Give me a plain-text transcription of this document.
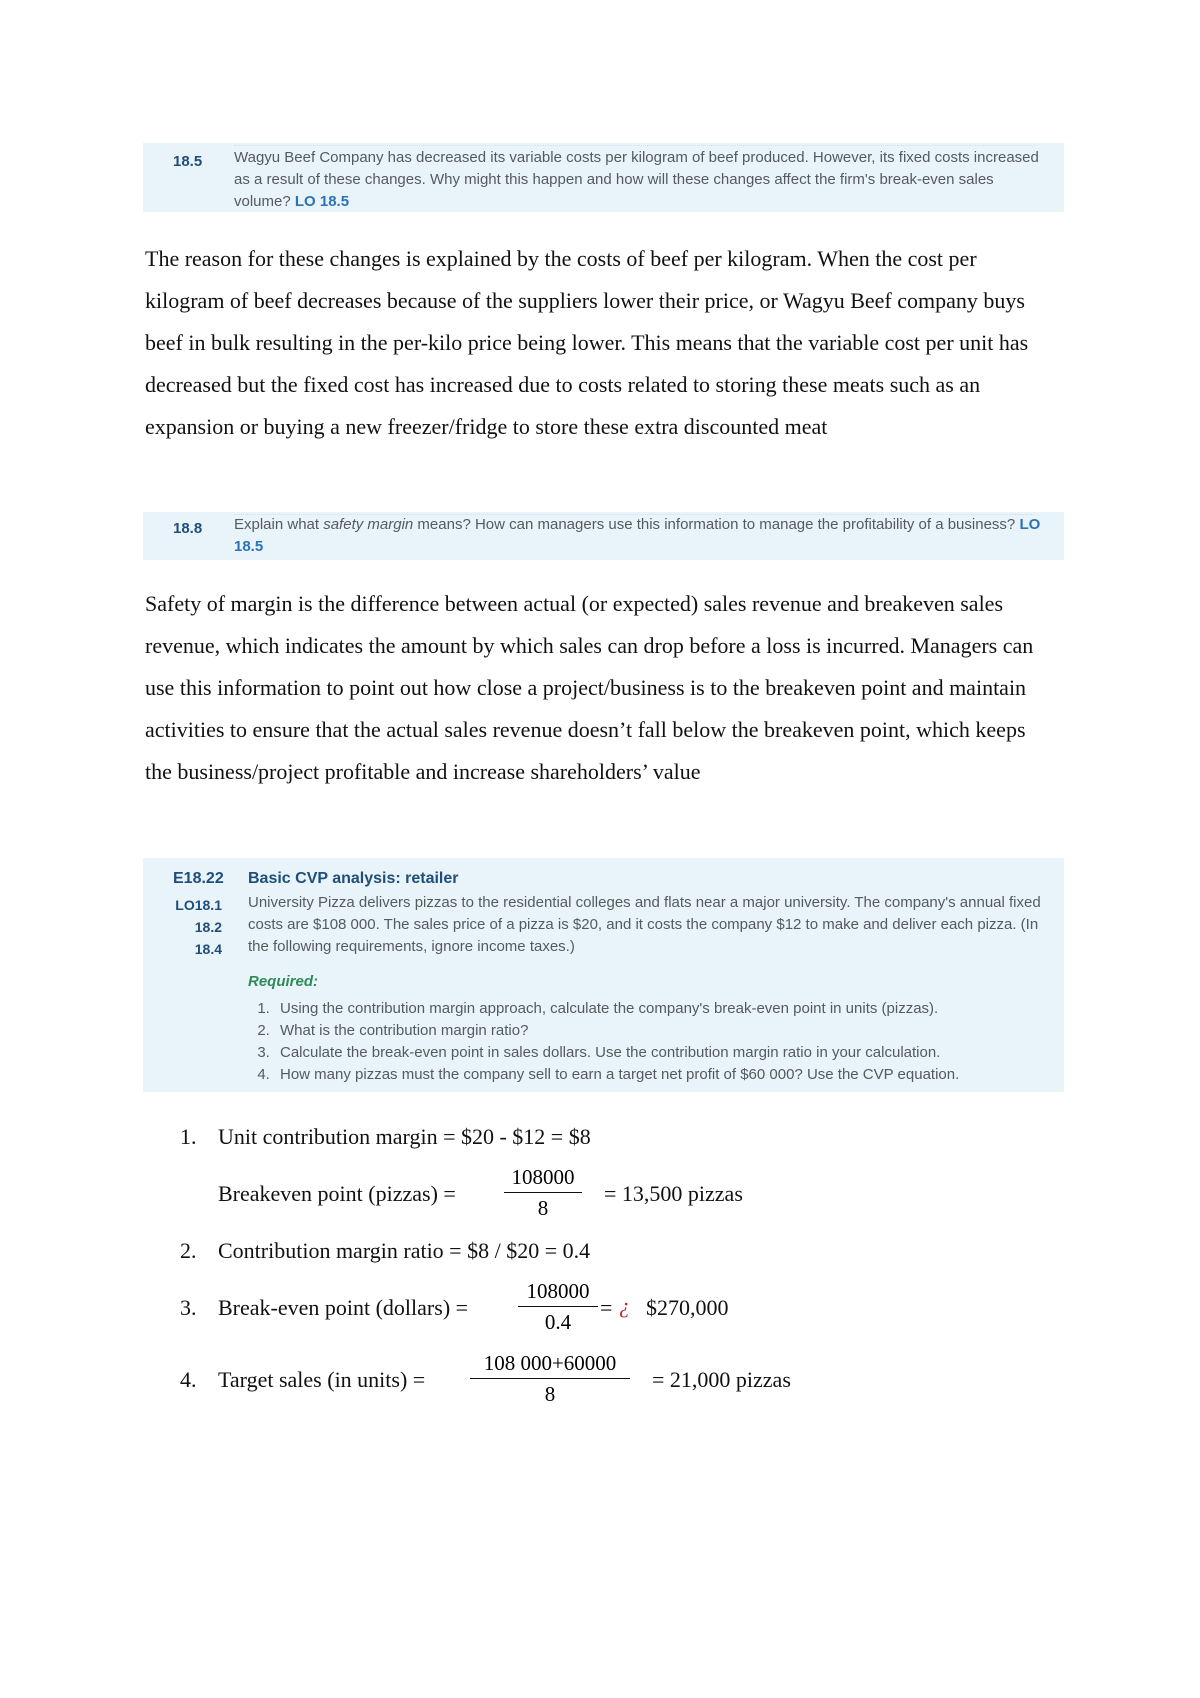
18.5 Wagyu Beef Company has decreased its variable costs per kilogram of beef produced. However, its fixed costs increased as a result of these changes. Why might this happen and how will these changes affect the firm's break-even sales volume? LO 18.5
The reason for these changes is explained by the costs of beef per kilogram. When the cost per kilogram of beef decreases because of the suppliers lower their price, or Wagyu Beef company buys beef in bulk resulting in the per-kilo price being lower. This means that the variable cost per unit has decreased but the fixed cost has increased due to costs related to storing these meats such as an expansion or buying a new freezer/fridge to store these extra discounted meat
18.8 Explain what safety margin means? How can managers use this information to manage the profitability of a business? LO 18.5
Safety of margin is the difference between actual (or expected) sales revenue and breakeven sales revenue, which indicates the amount by which sales can drop before a loss is incurred. Managers can use this information to point out how close a project/business is to the breakeven point and maintain activities to ensure that the actual sales revenue doesn’t fall below the breakeven point, which keeps the business/project profitable and increase shareholders’ value
E18.22
LO18.1
18.2
18.4
Basic CVP analysis: retailer
University Pizza delivers pizzas to the residential colleges and flats near a major university. The company's annual fixed costs are $108 000. The sales price of a pizza is $20, and it costs the company $12 to make and deliver each pizza. (In the following requirements, ignore income taxes.)
Required:
1. Using the contribution margin approach, calculate the company's break-even point in units (pizzas).
2. What is the contribution margin ratio?
3. Calculate the break-even point in sales dollars. Use the contribution margin ratio in your calculation.
4. How many pizzas must the company sell to earn a target net profit of $60 000? Use the CVP equation.
1. Unit contribution margin = $20 - $12 = $8
Breakeven point (pizzas) =
108000
8
= 13,500 pizzas
2. Contribution margin ratio = $8 / $20 = 0.4
3. Break-even point (dollars) =
108000
0.4
= ¿ $270,000
4. Target sales (in units) =
108 000+60000
8
= 21,000 pizzas
